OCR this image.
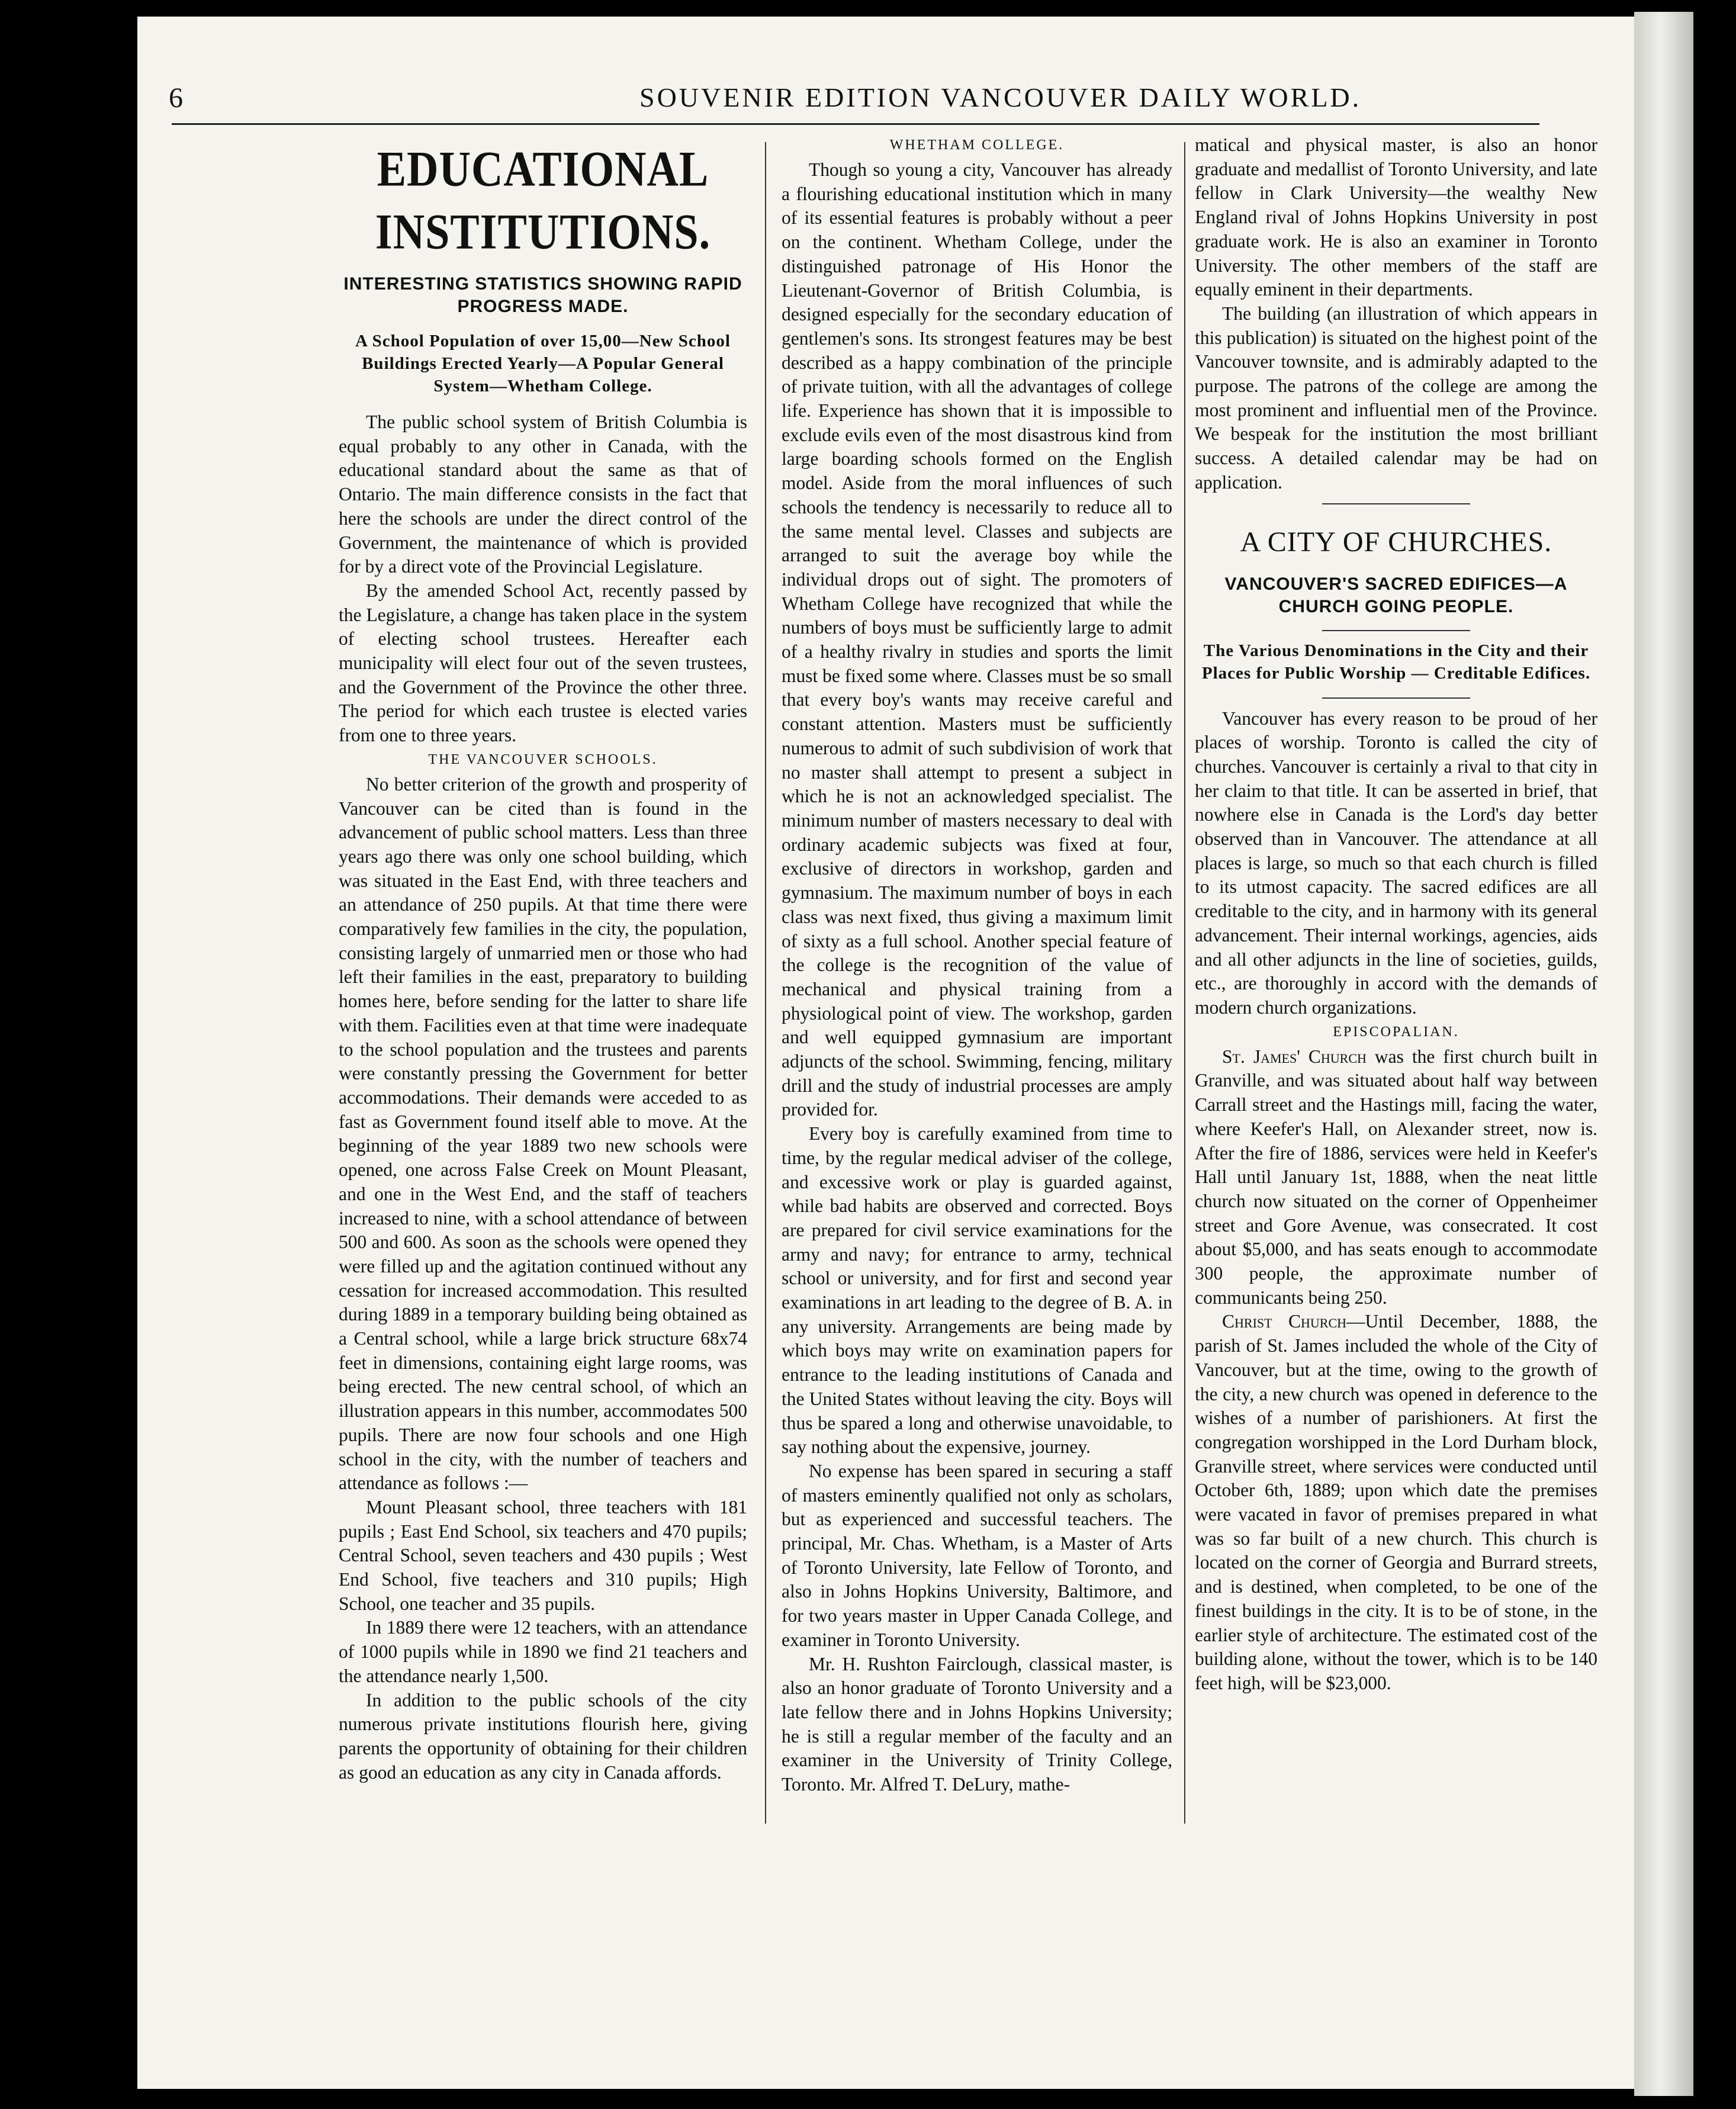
6	SOUVENIR EDITION VANCOUVER DAILY WORLD.
EDUCATIONAL INSTITUTIONS.
INTERESTING STATISTICS SHOWING RAPID PROGRESS MADE.
A School Population of over 15,00—New School Buildings Erected Yearly—A Popular General System—Whetham College.

The public school system of British Columbia is equal probably to any other in Canada, with the educational standard about the same as that of Ontario. The main difference consists in the fact that here the schools are under the direct control of the Government, the maintenance of which is provided for by a direct vote of the Provincial Legislature.

By the amended School Act, recently passed by the Legislature, a change has taken place in the system of electing school trustees. Hereafter each municipality will elect four out of the seven trustees, and the Government of the Province the other three. The period for which each trustee is elected varies from one to three years.

THE VANCOUVER SCHOOLS.

No better criterion of the growth and prosperity of Vancouver can be cited than is found in the advancement of public school matters. Less than three years ago there was only one school building, which was situated in the East End, with three teachers and an attendance of 250 pupils. At that time there were comparatively few families in the city, the population, consisting largely of unmarried men or those who had left their families in the east, preparatory to building homes here, before sending for the latter to share life with them. Facilities even at that time were inadequate to the school population and the trustees and parents were constantly pressing the Government for better accommodations. Their demands were acceded to as fast as Government found itself able to move. At the beginning of the year 1889 two new schools were opened, one across False Creek on Mount Pleasant, and one in the West End, and the staff of teachers increased to nine, with a school attendance of between 500 and 600. As soon as the schools were opened they were filled up and the agitation continued without any cessation for increased accommodation. This resulted during 1889 in a temporary building being obtained as a Central school, while a large brick structure 68x74 feet in dimensions, containing eight large rooms, was being erected. The new central school, of which an illustration appears in this number, accommodates 500 pupils. There are now four schools and one High school in the city, with the number of teachers and attendance as follows :—

Mount Pleasant school, three teachers with 181 pupils ; East End School, six teachers and 470 pupils; Central School, seven teachers and 430 pupils ; West End School, five teachers and 310 pupils; High School, one teacher and 35 pupils.

In 1889 there were 12 teachers, with an attendance of 1000 pupils while in 1890 we find 21 teachers and the attendance nearly 1,500.

In addition to the public schools of the city numerous private institutions flourish here, giving parents the opportunity of obtaining for their children as good an education as any city in Canada affords.

WHETHAM COLLEGE.

Though so young a city, Vancouver has already a flourishing educational institution which in many of its essential features is probably without a peer on the continent. Whetham College, under the distinguished patronage of His Honor the Lieutenant-Governor of British Columbia, is designed especially for the secondary education of gentlemen's sons. Its strongest features may be best described as a happy combination of the principle of private tuition, with all the advantages of college life. Experience has shown that it is impossible to exclude evils even of the most disastrous kind from large boarding schools formed on the English model. Aside from the moral influences of such schools the tendency is necessarily to reduce all to the same mental level. Classes and subjects are arranged to suit the average boy while the individual drops out of sight. The promoters of Whetham College have recognized that while the numbers of boys must be sufficiently large to admit of a healthy rivalry in studies and sports the limit must be fixed some where. Classes must be so small that every boy's wants may receive careful and constant attention. Masters must be sufficiently numerous to admit of such subdivision of work that no master shall attempt to present a subject in which he is not an acknowledged specialist. The minimum number of masters necessary to deal with ordinary academic subjects was fixed at four, exclusive of directors in workshop, garden and gymnasium. The maximum number of boys in each class was next fixed, thus giving a maximum limit of sixty as a full school. Another special feature of the college is the recognition of the value of mechanical and physical training from a physiological point of view. The workshop, garden and well equipped gymnasium are important adjuncts of the school. Swimming, fencing, military drill and the study of industrial processes are amply provided for.

Every boy is carefully examined from time to time, by the regular medical adviser of the college, and excessive work or play is guarded against, while bad habits are observed and corrected. Boys are prepared for civil service examinations for the army and navy; for entrance to army, technical school or university, and for first and second year examinations in art leading to the degree of B. A. in any university. Arrangements are being made by which boys may write on examination papers for entrance to the leading institutions of Canada and the United States without leaving the city. Boys will thus be spared a long and otherwise unavoidable, to say nothing about the expensive, journey.

No expense has been spared in securing a staff of masters eminently qualified not only as scholars, but as experienced and successful teachers. The principal, Mr. Chas. Whetham, is a Master of Arts of Toronto University, late Fellow of Toronto, and also in Johns Hopkins University, Baltimore, and for two years master in Upper Canada College, and examiner in Toronto University.

Mr. H. Rushton Fairclough, classical master, is also an honor graduate of Toronto University and a late fellow there and in Johns Hopkins University; he is still a regular member of the faculty and an examiner in the University of Trinity College, Toronto. Mr. Alfred T. DeLury, mathe-

matical and physical master, is also an honor graduate and medallist of Toronto University, and late fellow in Clark University—the wealthy New England rival of Johns Hopkins University in post graduate work. He is also an examiner in Toronto University. The other members of the staff are equally eminent in their departments.

The building (an illustration of which appears in this publication) is situated on the highest point of the Vancouver townsite, and is admirably adapted to the purpose. The patrons of the college are among the most prominent and influential men of the Province. We bespeak for the institution the most brilliant success. A detailed calendar may be had on application.

A CITY OF CHURCHES.
VANCOUVER'S SACRED EDIFICES—A CHURCH GOING PEOPLE.
The Various Denominations in the City and their Places for Public Worship — Creditable Edifices.

Vancouver has every reason to be proud of her places of worship. Toronto is called the city of churches. Vancouver is certainly a rival to that city in her claim to that title. It can be asserted in brief, that nowhere else in Canada is the Lord's day better observed than in Vancouver. The attendance at all places is large, so much so that each church is filled to its utmost capacity. The sacred edifices are all creditable to the city, and in harmony with its general advancement. Their internal workings, agencies, aids and all other adjuncts in the line of societies, guilds, etc., are thoroughly in accord with the demands of modern church organizations.

EPISCOPALIAN.

St. James' Church was the first church built in Granville, and was situated about half way between Carrall street and the Hastings mill, facing the water, where Keefer's Hall, on Alexander street, now is. After the fire of 1886, services were held in Keefer's Hall until January 1st, 1888, when the neat little church now situated on the corner of Oppenheimer street and Gore Avenue, was consecrated. It cost about $5,000, and has seats enough to accommodate 300 people, the approximate number of communicants being 250.

Christ Church—Until December, 1888, the parish of St. James included the whole of the City of Vancouver, but at the time, owing to the growth of the city, a new church was opened in deference to the wishes of a number of parishioners. At first the congregation worshipped in the Lord Durham block, Granville street, where services were conducted until October 6th, 1889; upon which date the premises were vacated in favor of premises prepared in what was so far built of a new church. This church is located on the corner of Georgia and Burrard streets, and is destined, when completed, to be one of the finest buildings in the city. It is to be of stone, in the earlier style of architecture. The estimated cost of the building alone, without the tower, which is to be 140 feet high, will be $23,000.
